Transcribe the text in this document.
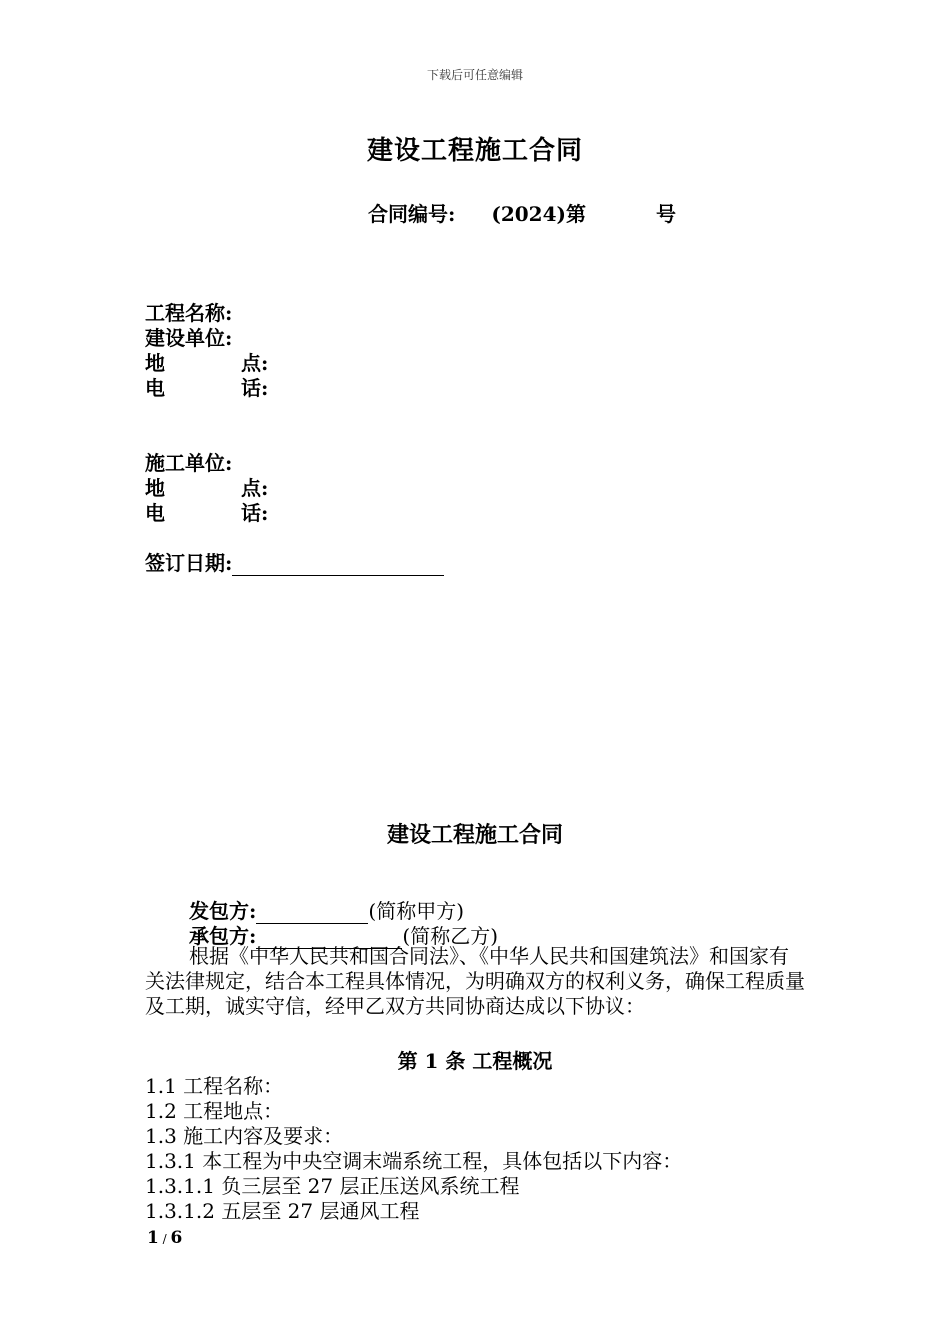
下载后可任意编辑
建设工程施工合同
合同编号: (2024)第	号
工程名称:
建设单位:
地	点:
电	话:
施工单位:
地	点:
电	话:
签订日期:
建设工程施工合同
发包方:	(简称甲方)
承包方:	(简称乙方)
根据《中华人民共和国合同法》、《中华人民共和国建筑法》和国家有关法律规定，结合本工程具体情况，为明确双方的权利义务，确保工程质量及工期，诚实守信，经甲乙双方共同协商达成以下协议：
第 1 条 工程概况
1.1 工程名称：
1.2 工程地点：
1.3 施工内容及要求：
1.3.1 本工程为中央空调末端系统工程，具体包括以下内容：
1.3.1.1 负三层至 27 层正压送风系统工程
1.3.1.2 五层至 27 层通风工程
1 / 6
